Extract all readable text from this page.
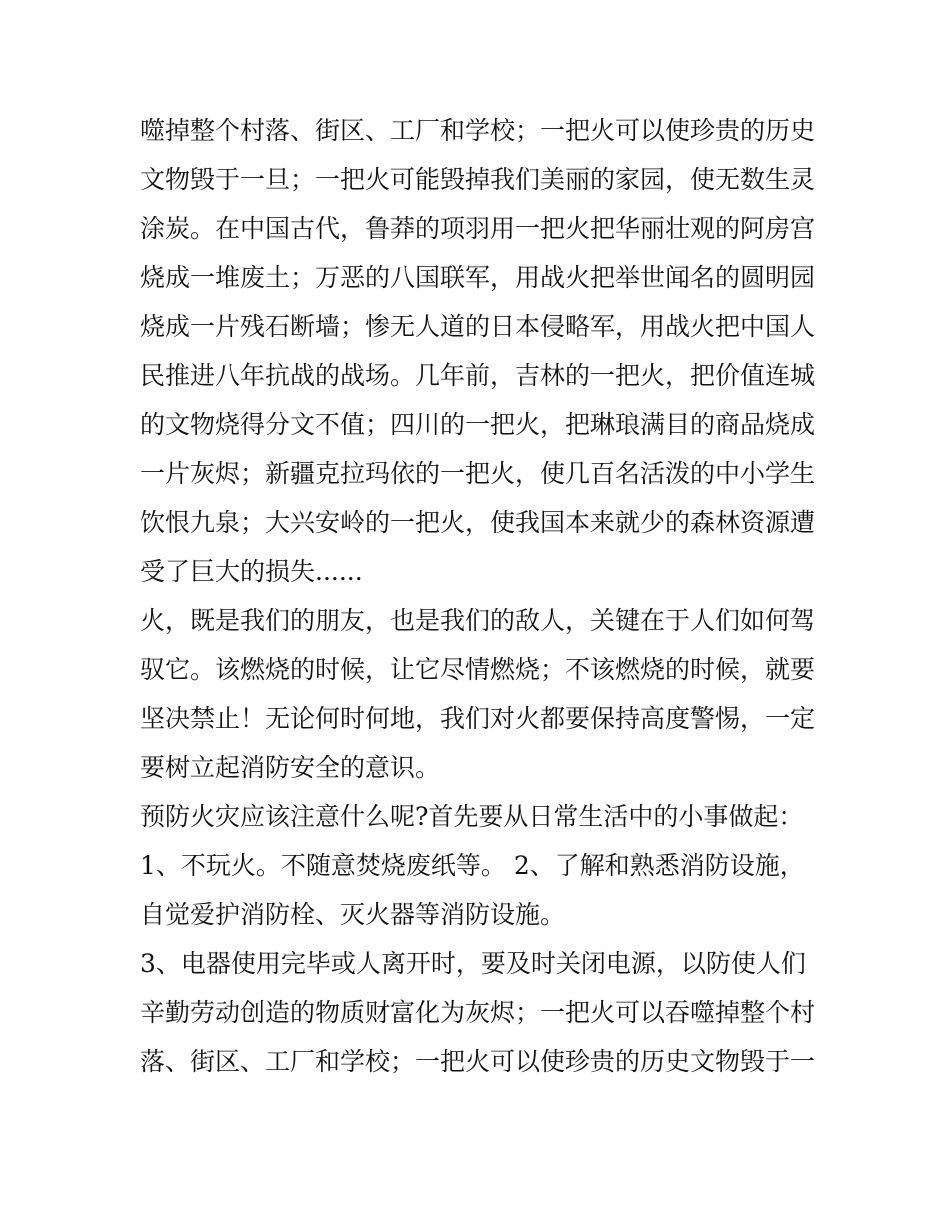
噬掉整个村落、街区、工厂和学校；一把火可以使珍贵的历史
文物毁于一旦；一把火可能毁掉我们美丽的家园，使无数生灵
涂炭。在中国古代，鲁莽的项羽用一把火把华丽壮观的阿房宫
烧成一堆废土；万恶的八国联军，用战火把举世闻名的圆明园
烧成一片残石断墙；惨无人道的日本侵略军，用战火把中国人
民推进八年抗战的战场。几年前，吉林的一把火，把价值连城
的文物烧得分文不值；四川的一把火，把琳琅满目的商品烧成
一片灰烬；新疆克拉玛依的一把火，使几百名活泼的中小学生
饮恨九泉；大兴安岭的一把火，使我国本来就少的森林资源遭
受了巨大的损失......
火，既是我们的朋友，也是我们的敌人，关键在于人们如何驾
驭它。该燃烧的时候，让它尽情燃烧；不该燃烧的时候，就要
坚决禁止！无论何时何地，我们对火都要保持高度警惕，一定
要树立起消防安全的意识。
预防火灾应该注意什么呢?首先要从日常生活中的小事做起：
1、不玩火。不随意焚烧废纸等。 2、了解和熟悉消防设施，
自觉爱护消防栓、灭火器等消防设施。
3、电器使用完毕或人离开时，要及时关闭电源，以防使人们
辛勤劳动创造的物质财富化为灰烬；一把火可以吞噬掉整个村
落、街区、工厂和学校；一把火可以使珍贵的历史文物毁于一
